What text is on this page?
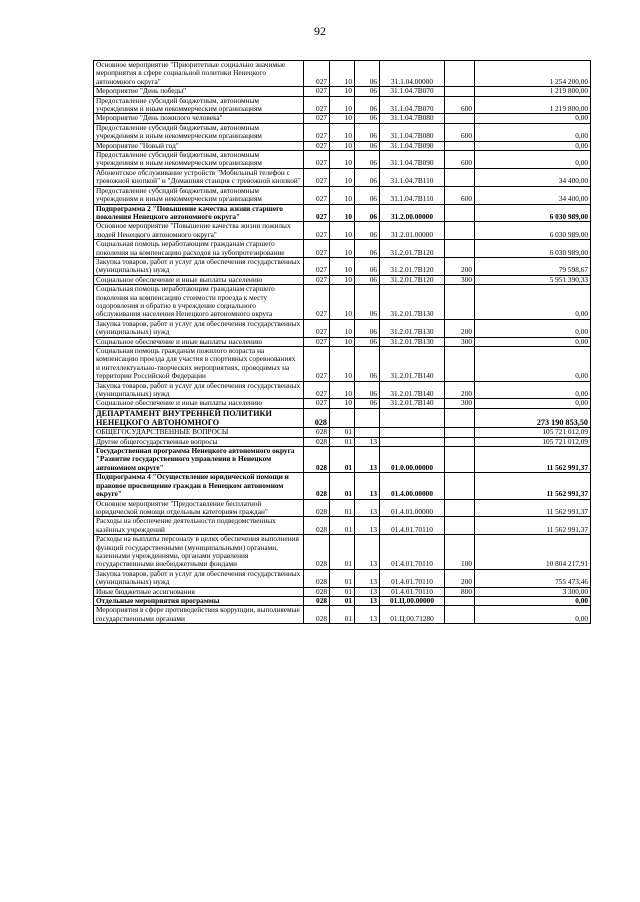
92
Основное мероприятие "Приоритетные социально значимые мероприятия в сфере социальной политики Ненецкого автономного округа"	027	10	06	31.1.04.00000		1 254 200,00
Мероприятие "День победы"	027	10	06	31.1.04.7В070		1 219 800,00
Предоставление субсидий бюджетным, автономным учреждениям и иным некоммерческим организациям	027	10	06	31.1.04.7В070	600	1 219 800,00
Мероприятие "День пожилого человека"	027	10	06	31.1.04.7В080		0,00
Предоставление субсидий бюджетным, автономным учреждениям и иным некоммерческим организациям	027	10	06	31.1.04.7В080	600	0,00
Мероприятие "Новый год"	027	10	06	31.1.04.7В090		0,00
Предоставление субсидий бюджетным, автономным учреждениям и иным некоммерческим организациям	027	10	06	31.1.04.7В090	600	0,00
Абонентское обслуживание устройств "Мобильный телефон с тревожной кнопкой" и "Домашняя станция с тревожной кнопкой"	027	10	06	31.1.04.7В110		34 400,00
Предоставление субсидий бюджетным, автономным учреждениям и иным некоммерческим организациям	027	10	06	31.1.04.7В110	600	34 400,00
Подпрограмма 2 "Повышение качества жизни старшего поколения Ненецкого автономного округа"	027	10	06	31.2.00.00000		6 030 989,00
Основное мероприятие "Повышение качества жизни пожилых людей Ненецкого автономного округа"	027	10	06	31.2.01.00000		6 030 989,00
Социальная помощь неработающим гражданам старшего поколения на компенсацию расходов на зубопротезирование	027	10	06	31.2.01.7В120		6 030 989,00
Закупка товаров, работ и услуг для обеспечения государственных (муниципальных) нужд	027	10	06	31.2.01.7В120	200	79 598,67
Социальное обеспечение и иные выплаты населению	027	10	06	31.2.01.7В120	300	5 951 390,33
Социальная помощь неработающим гражданам старшего поколения на компенсацию стоимости проезда к месту оздоровления и обратно в учреждение социального обслуживания населения Ненецкого автономного округа	027	10	06	31.2.01.7В130		0,00
Закупка товаров, работ и услуг для обеспечения государственных (муниципальных) нужд	027	10	06	31.2.01.7В130	200	0,00
Социальное обеспечение и иные выплаты населению	027	10	06	31.2.01.7В130	300	0,00
Социальная помощь гражданам пожилого возраста на компенсацию проезда для участия в спортивных соревнованиях и интеллектуально-творческих мероприятиях, проводимых на территории Российской Федерации	027	10	06	31.2.01.7В140		0,00
Закупка товаров, работ и услуг для обеспечения государственных (муниципальных) нужд	027	10	06	31.2.01.7В140	200	0,00
Социальное обеспечение и иные выплаты населению	027	10	06	31.2.01.7В140	300	0,00
ДЕПАРТАМЕНТ ВНУТРЕННЕЙ ПОЛИТИКИ НЕНЕЦКОГО АВТОНОМНОГО	028					273 190 853,50
ОБЩЕГОСУДАРСТВЕННЫЕ ВОПРОСЫ	028	01				105 721 012,09
Другие общегосударственные вопросы	028	01	13			105 721 012,09
Государственная программа Ненецкого автономного округа "Развитие государственного управления в Ненецком автономном округе"	028	01	13	01.0.00.00000		11 562 991,37
Подпрограмма 4 "Осуществление юридической помощи и правовое просвещение граждан в Ненецком автономном округе"	028	01	13	01.4.00.00000		11 562 991,37
Основное мероприятие "Предоставление бесплатной юридической помощи отдельным категориям граждан"	028	01	13	01.4.01.00000		11 562 991,37
Расходы на обеспечение деятельности подведомственных казённых учреждений	028	01	13	01.4.01.70110		11 562 991,37
Расходы на выплаты персоналу в целях обеспечения выполнения функций государственными (муниципальными) органами, казенными учреждениями, органами управления государственными внебюджетными фондами	028	01	13	01.4.01.70110	100	10 804 217,91
Закупка товаров, работ и услуг для обеспечения государственных (муниципальных) нужд	028	01	13	01.4.01.70110	200	755 473,46
Иные бюджетные ассигнования	028	01	13	01.4.01.70110	800	3 300,00
Отдельные мероприятия программы	028	01	13	01.Ц.00.00000		0,00
Мероприятия в сфере противодействия коррупции, выполняемые государственными органами	028	01	13	01.Ц.00.71280		0,00
